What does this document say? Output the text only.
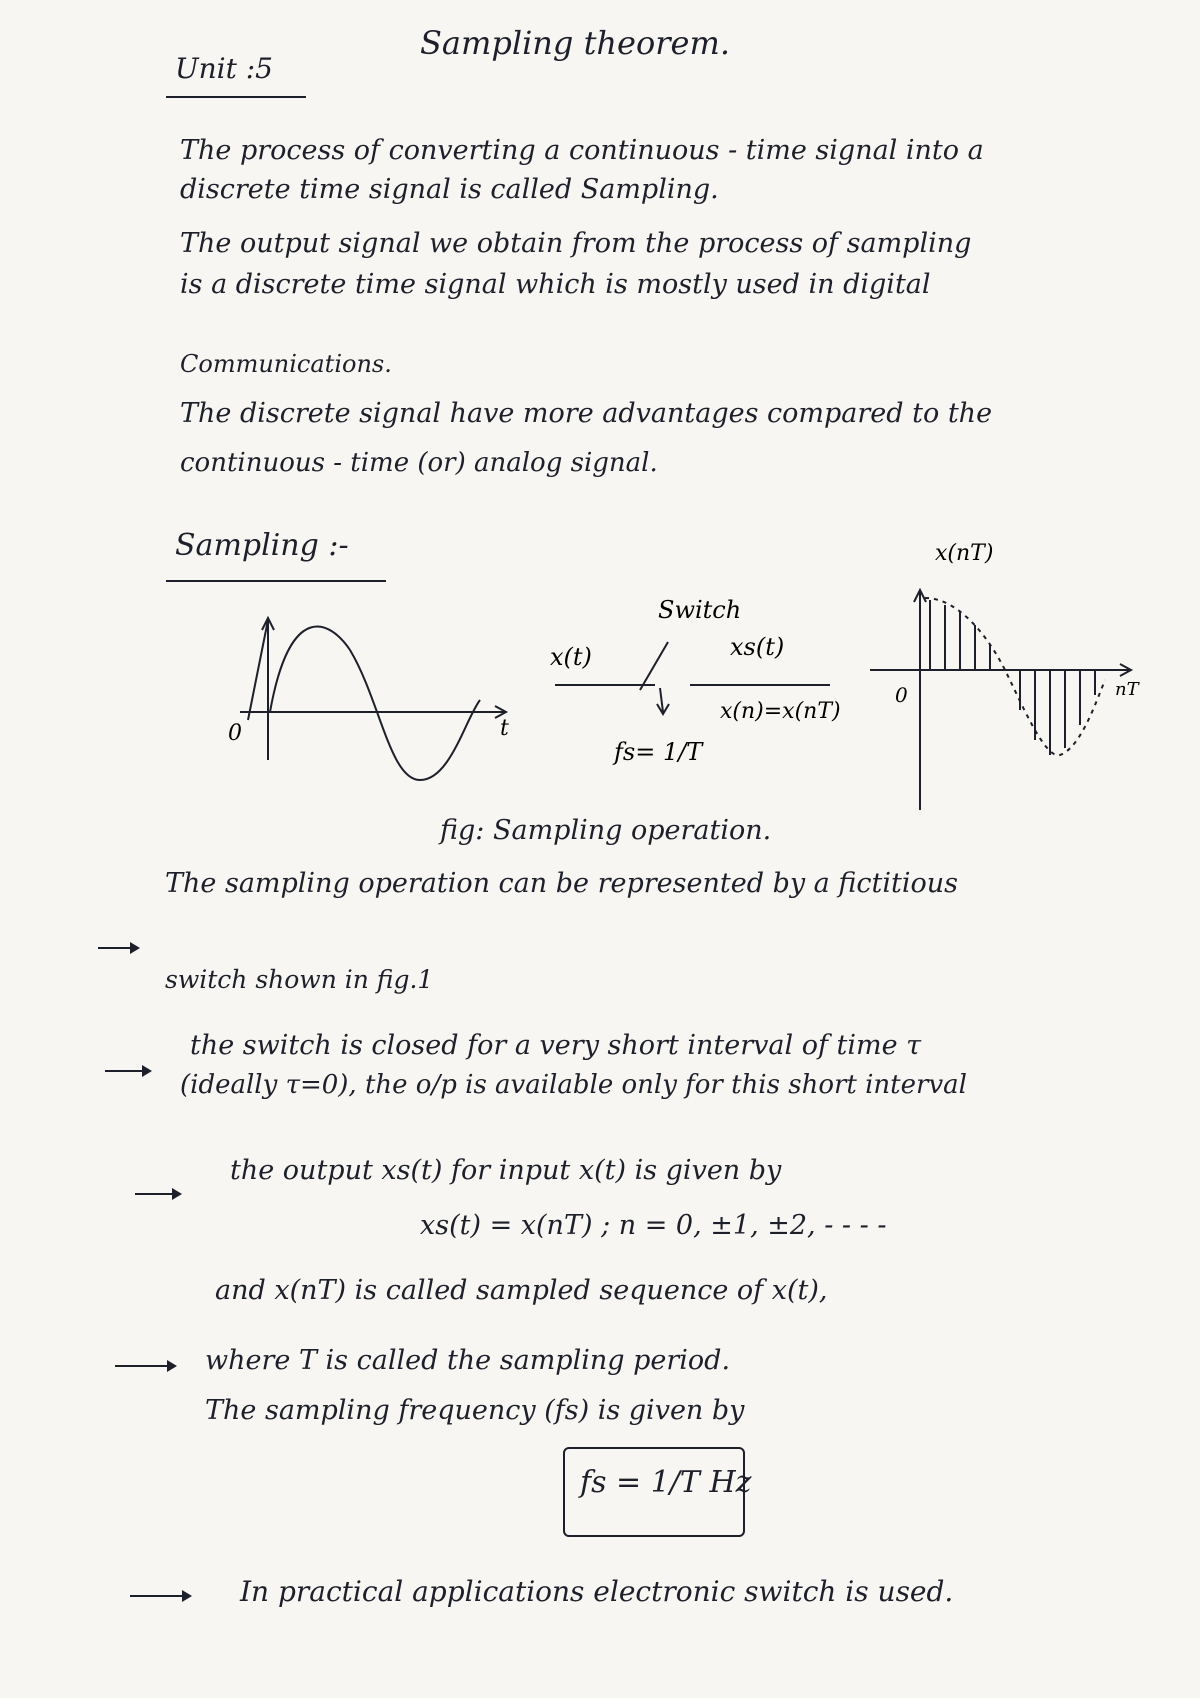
Unit :5
Sampling theorem.
The process of converting a continuous - time signal into a
discrete time signal is called Sampling.
The output signal we obtain from the process of sampling
is a discrete time signal which is mostly used in digital
Communications.
The discrete signal have more advantages compared to the
continuous - time (or) analog signal.
Sampling :-
0	t
Switch
x(t)	xs(t)
x(n)=x(nT)
fs= 1/T
0
x(nT)
nT
fig: Sampling operation.
The sampling operation can be represented by a fictitious
switch shown in fig.1
the switch is closed for a very short interval of time τ
(ideally τ=0), the o/p is available only for this short interval
the output xs(t) for input x(t) is given by
xs(t) = x(nT) ; n = 0, ±1, ±2, - - - -
and x(nT) is called sampled sequence of x(t),
where T is called the sampling period.
The sampling frequency (fs) is given by
fs = 1/T Hz
In practical applications electronic switch is used.
